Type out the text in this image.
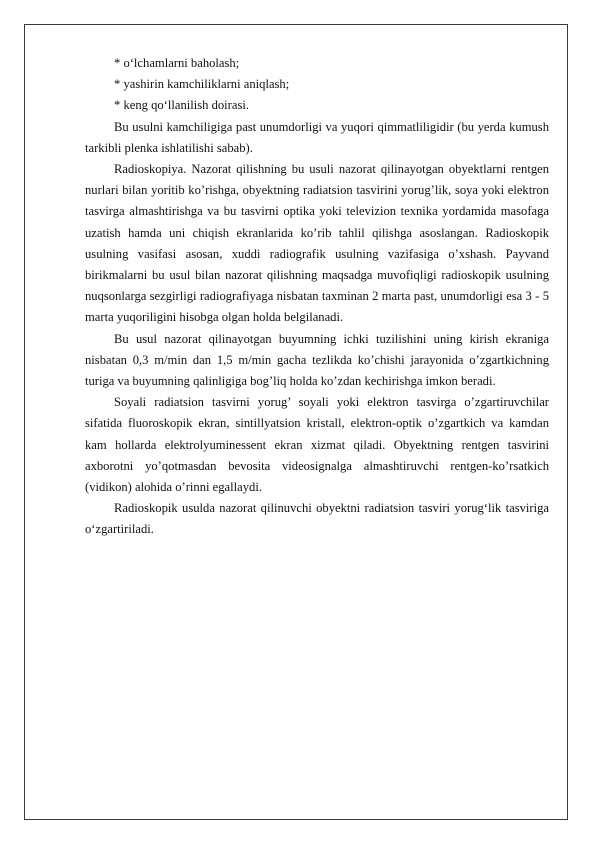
* o‘lchamlarni baholash;

* yashirin kamchiliklarni aniqlash;

* keng qo‘llanilish doirasi.

Bu usulni kamchiligiga past unumdorligi va yuqori qimmatliligidir (bu yerda kumush tarkibli plenka ishlatilishi sabab).

Radioskopiya. Nazorat qilishning bu usuli nazorat qilinayotgan obyektlarni rentgen nurlari bilan yoritib ko’rishga, obyektning radiatsion tasvirini yorug’lik, soya yoki elektron tasvirga almashtirishga va bu tasvirni optika yoki televizion texnika yordamida masofaga uzatish hamda uni chiqish ekranlarida ko’rib tahlil qilishga asoslangan. Radioskopik usulning vasifasi asosan, xuddi radiografik usulning vazifasiga o’xshash. Payvand birikmalarni bu usul bilan nazorat qilishning maqsadga muvofiqligi radioskopik usulning nuqsonlarga sezgirligi radiografiyaga nisbatan taxminan 2 marta past, unumdorligi esa 3 - 5 marta yuqoriligini hisobga olgan holda belgilanadi.

Bu usul nazorat qilinayotgan buyumning ichki tuzilishini uning kirish ekraniga nisbatan 0,3 m/min dan 1,5 m/min gacha tezlikda ko’chishi jarayonida o’zgartkichning turiga va buyumning qalinligiga bog’liq holda ko’zdan kechirishga imkon beradi.

Soyali radiatsion tasvirni yorug’ soyali yoki elektron tasvirga o’zgartiruvchilar sifatida fluoroskopik ekran, sintillyatsion kristall, elektron-optik o’zgartkich va kamdan kam hollarda elektrolyuminessent ekran xizmat qiladi. Obyektning rentgen tasvirini axborotni yo’qotmasdan bevosita videosignalga almashtiruvchi rentgen-ko’rsatkich (vidikon) alohida o’rinni egallaydi.

Radioskopik usulda nazorat qilinuvchi obyektni radiatsion tasviri yorug‘lik tasviriga o‘zgartiriladi.
